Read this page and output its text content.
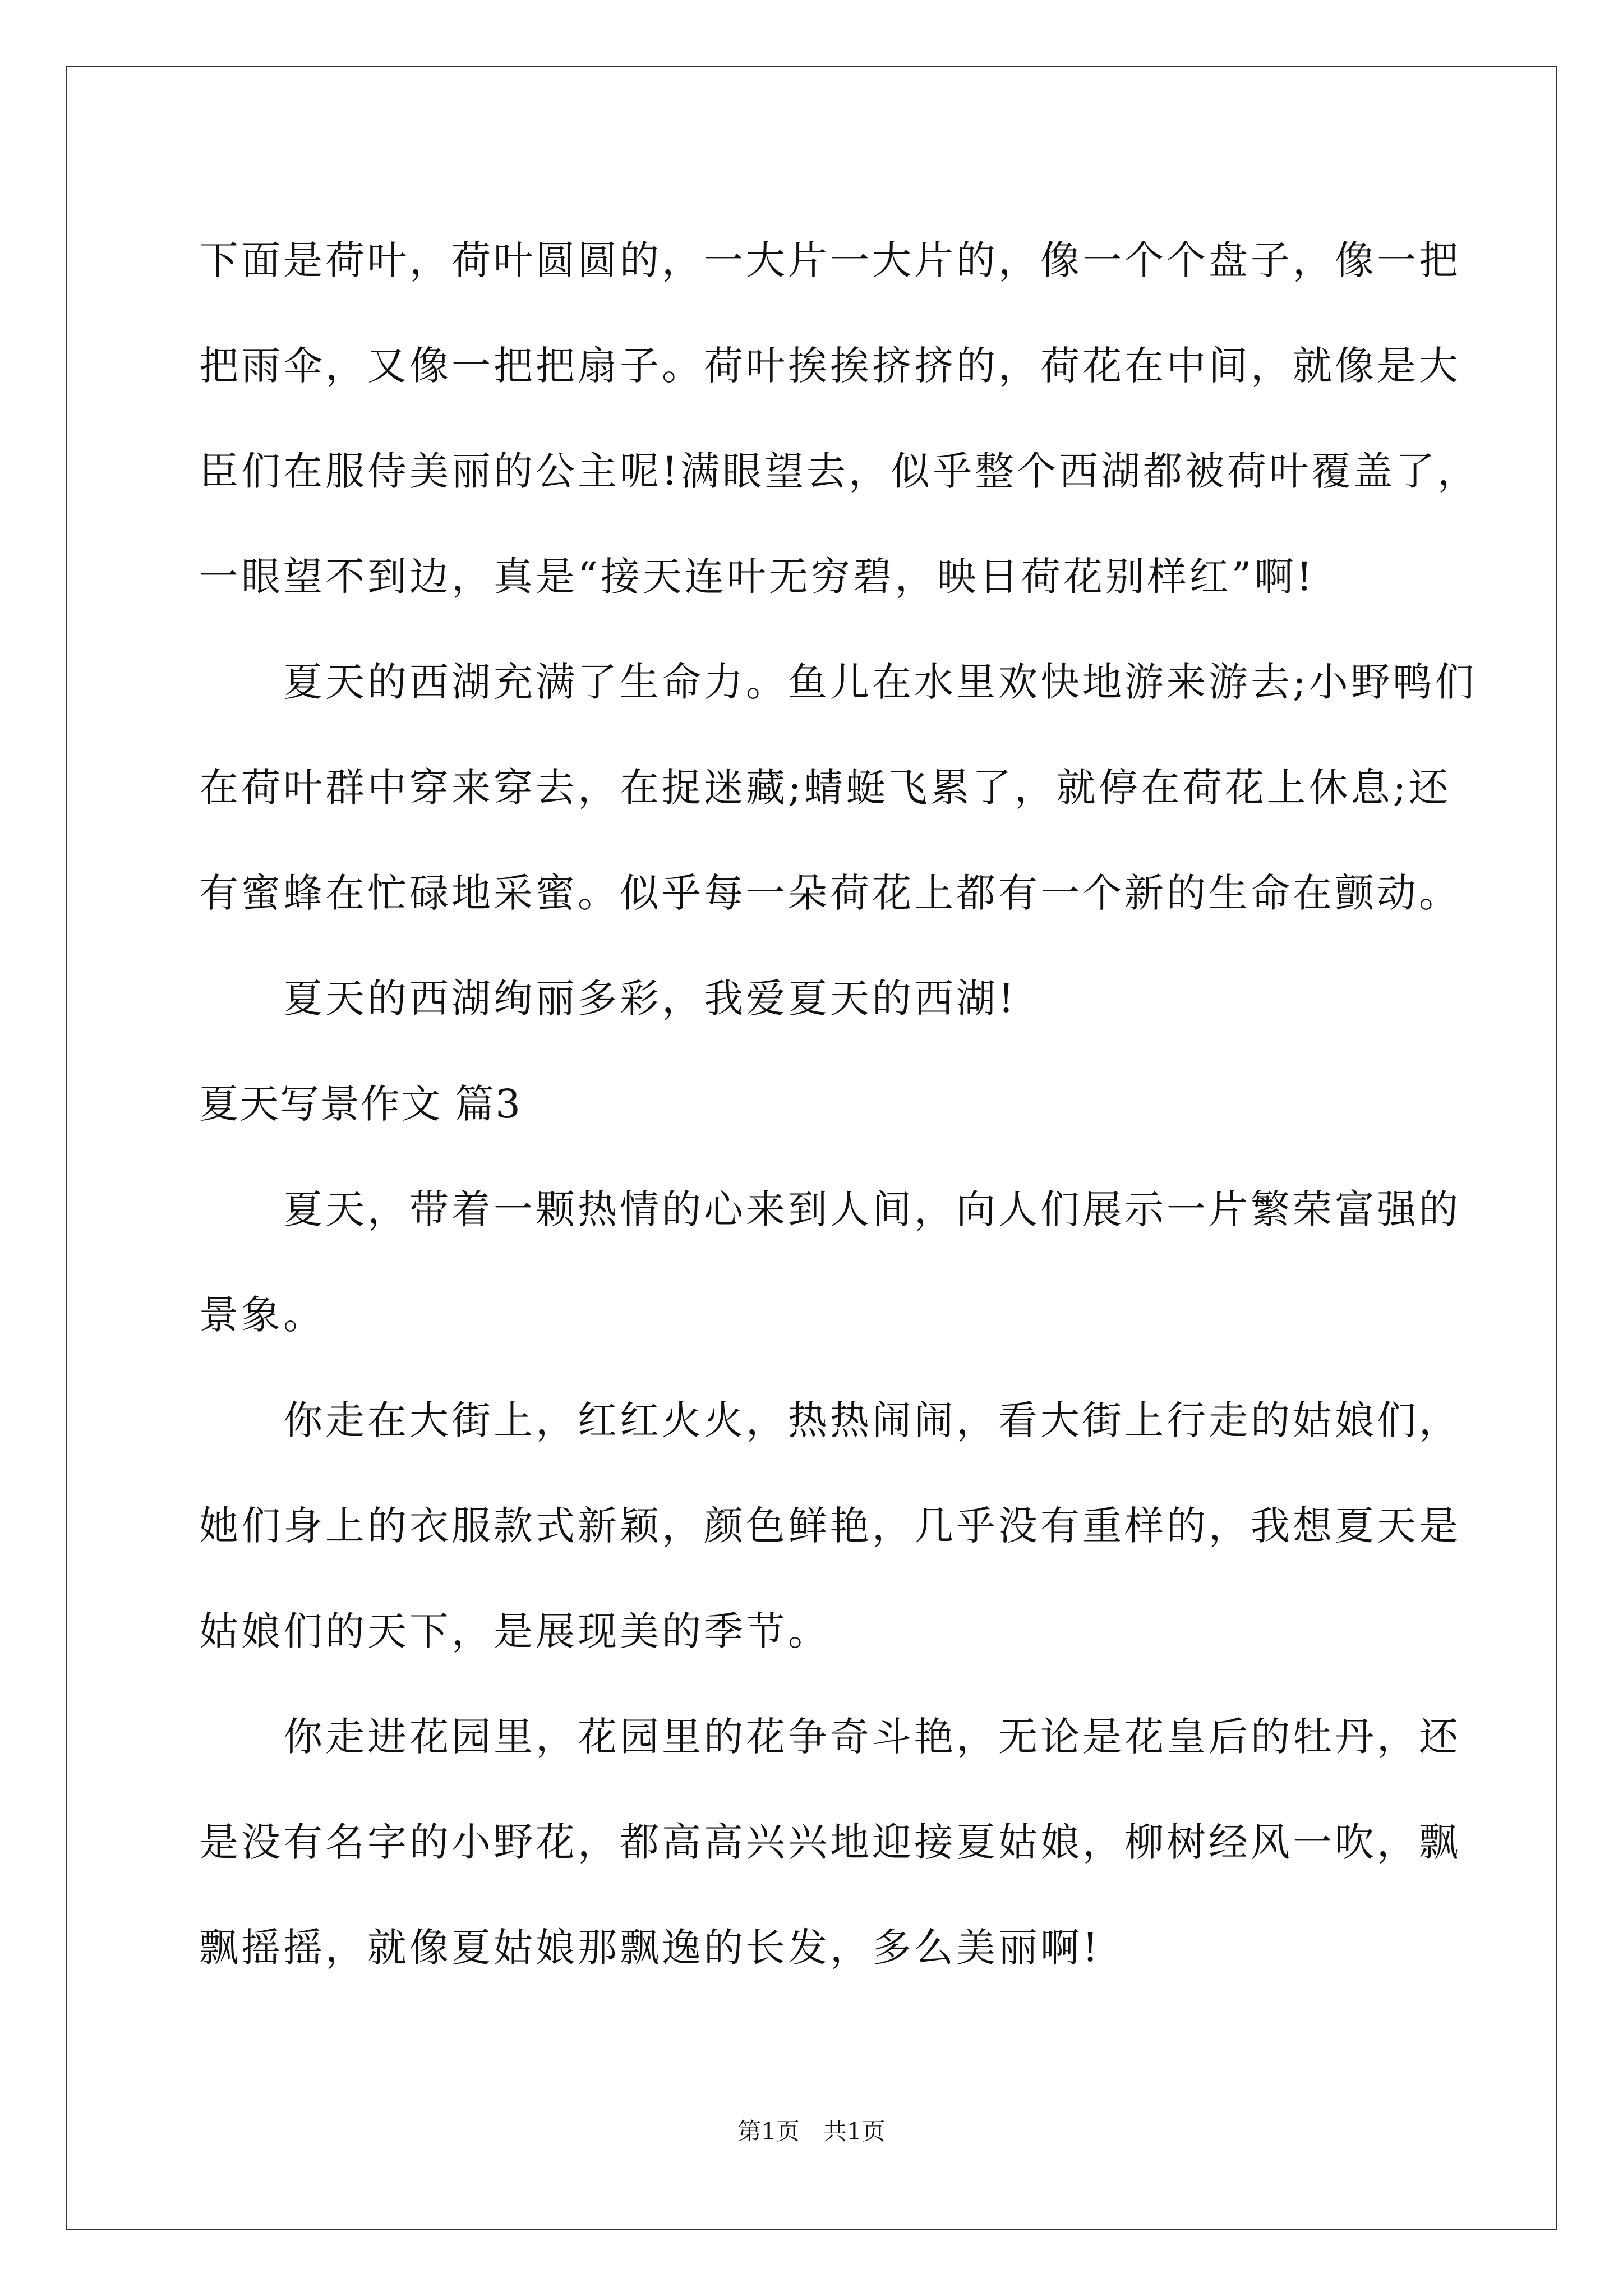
下面是荷叶，荷叶圆圆的，一大片一大片的，像一个个盘子，像一把
把雨伞，又像一把把扇子。荷叶挨挨挤挤的，荷花在中间，就像是大
臣们在服侍美丽的公主呢!满眼望去，似乎整个西湖都被荷叶覆盖了，
一眼望不到边，真是“接天连叶无穷碧，映日荷花别样红”啊!
夏天的西湖充满了生命力。鱼儿在水里欢快地游来游去;小野鸭们
在荷叶群中穿来穿去，在捉迷藏;蜻蜓飞累了，就停在荷花上休息;还
有蜜蜂在忙碌地采蜜。似乎每一朵荷花上都有一个新的生命在颤动。
夏天的西湖绚丽多彩，我爱夏天的西湖!
夏天写景作文 篇3
夏天，带着一颗热情的心来到人间，向人们展示一片繁荣富强的
景象。
你走在大街上，红红火火，热热闹闹，看大街上行走的姑娘们，
她们身上的衣服款式新颖，颜色鲜艳，几乎没有重样的，我想夏天是
姑娘们的天下，是展现美的季节。
你走进花园里，花园里的花争奇斗艳，无论是花皇后的牡丹，还
是没有名字的小野花，都高高兴兴地迎接夏姑娘，柳树经风一吹，飘
飘摇摇，就像夏姑娘那飘逸的长发，多么美丽啊!
第1页　共1页
